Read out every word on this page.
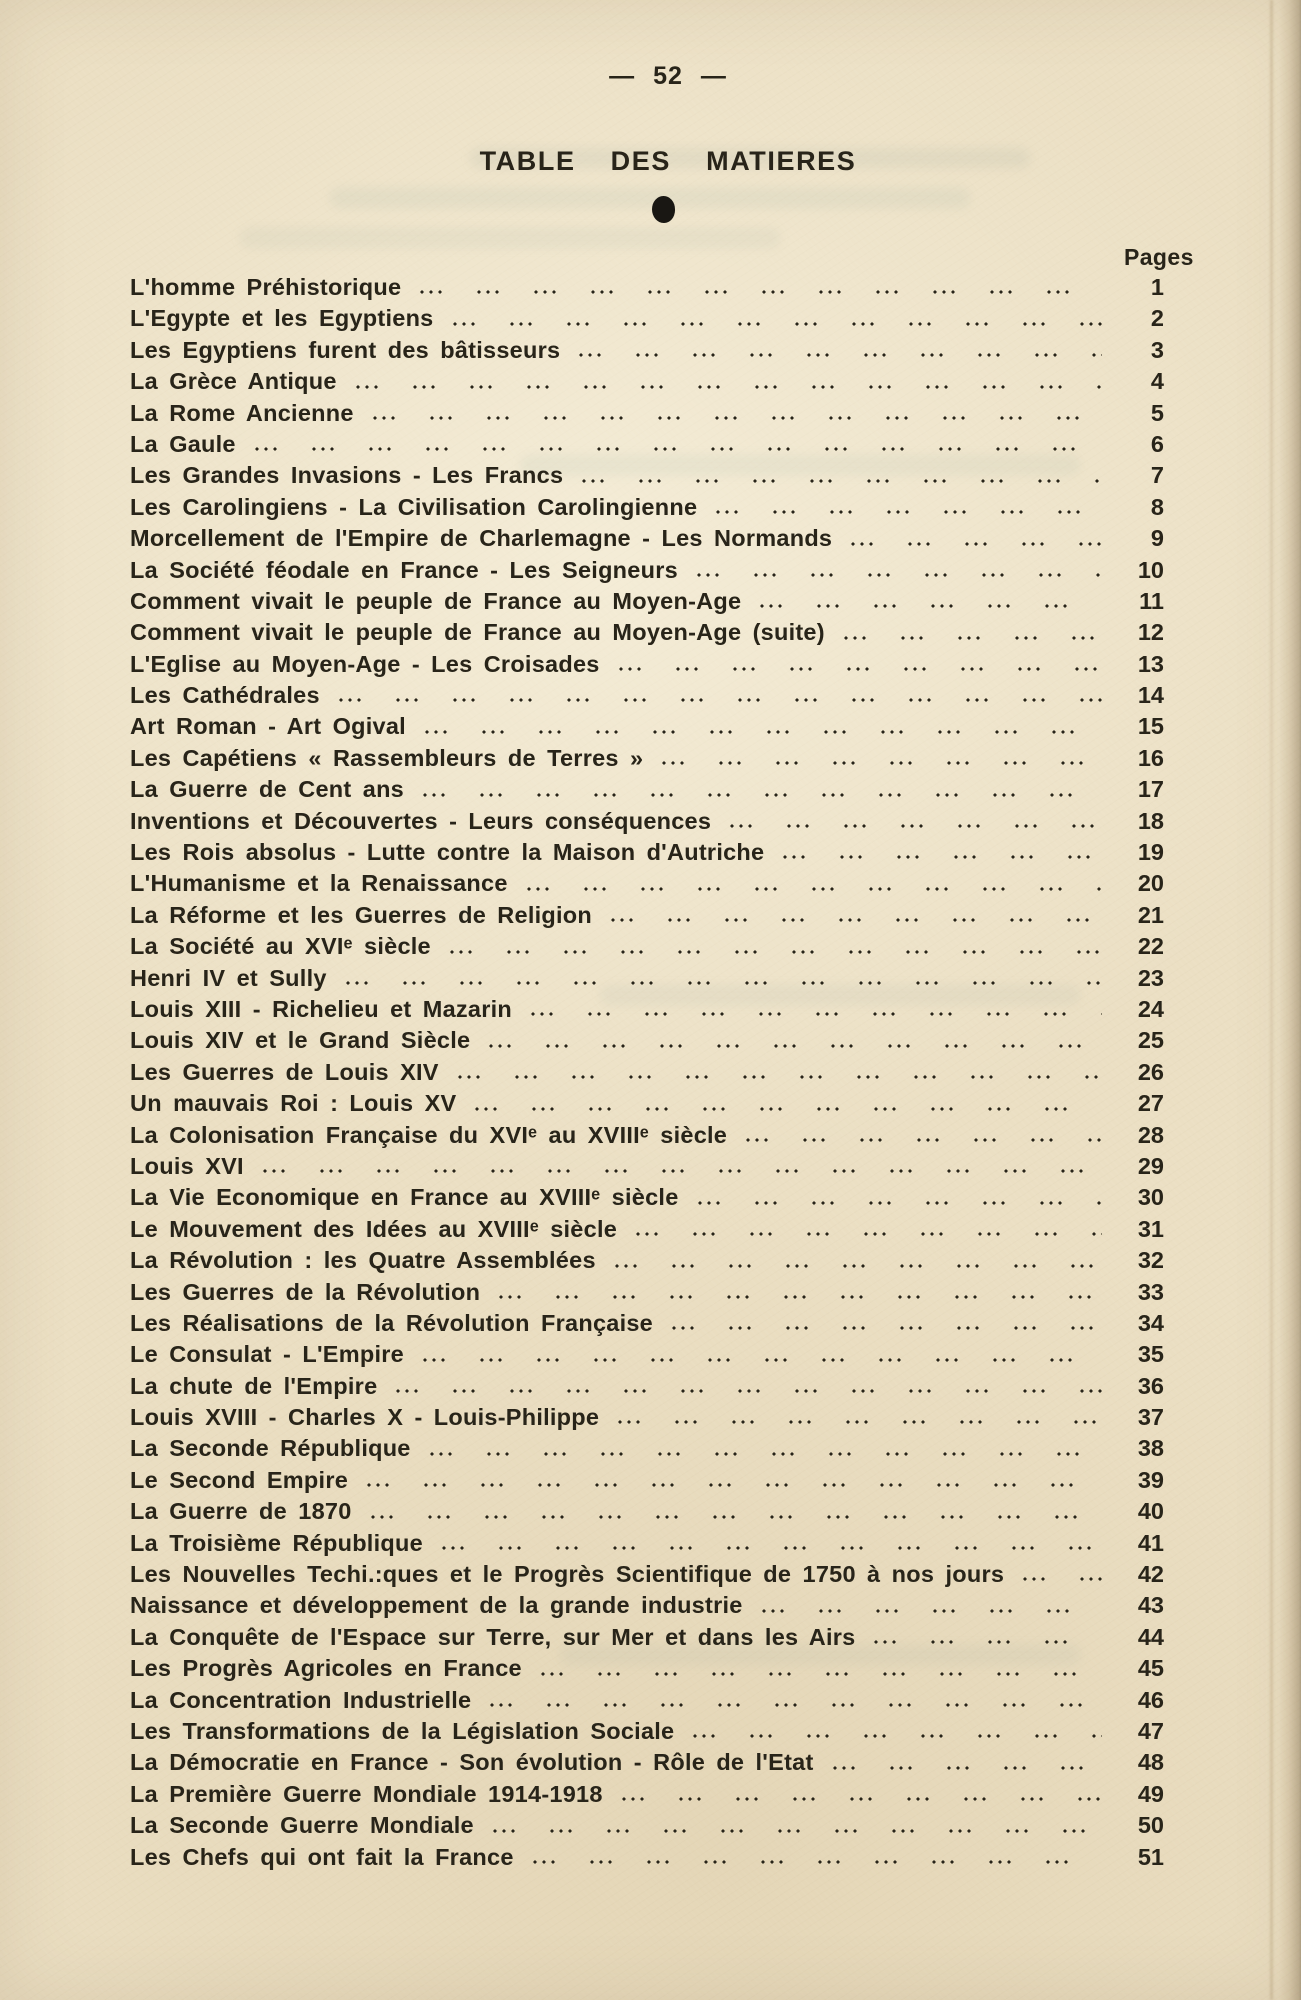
— 52 —
TABLE DES MATIERES
Pages
L'homme Préhistorique	1
L'Egypte et les Egyptiens	2
Les Egyptiens furent des bâtisseurs	3
La Grèce Antique	4
La Rome Ancienne	5
La Gaule	6
Les Grandes Invasions - Les Francs	7
Les Carolingiens - La Civilisation Carolingienne	8
Morcellement de l'Empire de Charlemagne - Les Normands	9
La Société féodale en France - Les Seigneurs	10
Comment vivait le peuple de France au Moyen-Age	11
Comment vivait le peuple de France au Moyen-Age (suite)	12
L'Eglise au Moyen-Age - Les Croisades	13
Les Cathédrales	14
Art Roman - Art Ogival	15
Les Capétiens « Rassembleurs de Terres »	16
La Guerre de Cent ans	17
Inventions et Découvertes - Leurs conséquences	18
Les Rois absolus - Lutte contre la Maison d'Autriche	19
L'Humanisme et la Renaissance	20
La Réforme et les Guerres de Religion	21
La Société au XVIᵉ siècle	22
Henri IV et Sully	23
Louis XIII - Richelieu et Mazarin	24
Louis XIV et le Grand Siècle	25
Les Guerres de Louis XIV	26
Un mauvais Roi : Louis XV	27
La Colonisation Française du XVIᵉ au XVIIIᵉ siècle	28
Louis XVI	29
La Vie Economique en France au XVIIIᵉ siècle	30
Le Mouvement des Idées au XVIIIᵉ siècle	31
La Révolution : les Quatre Assemblées	32
Les Guerres de la Révolution	33
Les Réalisations de la Révolution Française	34
Le Consulat - L'Empire	35
La chute de l'Empire	36
Louis XVIII - Charles X - Louis-Philippe	37
La Seconde République	38
Le Second Empire	39
La Guerre de 1870	40
La Troisième République	41
Les Nouvelles Techi.:ques et le Progrès Scientifique de 1750 à nos jours	42
Naissance et développement de la grande industrie	43
La Conquête de l'Espace sur Terre, sur Mer et dans les Airs	44
Les Progrès Agricoles en France	45
La Concentration Industrielle	46
Les Transformations de la Législation Sociale	47
La Démocratie en France - Son évolution - Rôle de l'Etat	48
La Première Guerre Mondiale 1914-1918	49
La Seconde Guerre Mondiale	50
Les Chefs qui ont fait la France	51
